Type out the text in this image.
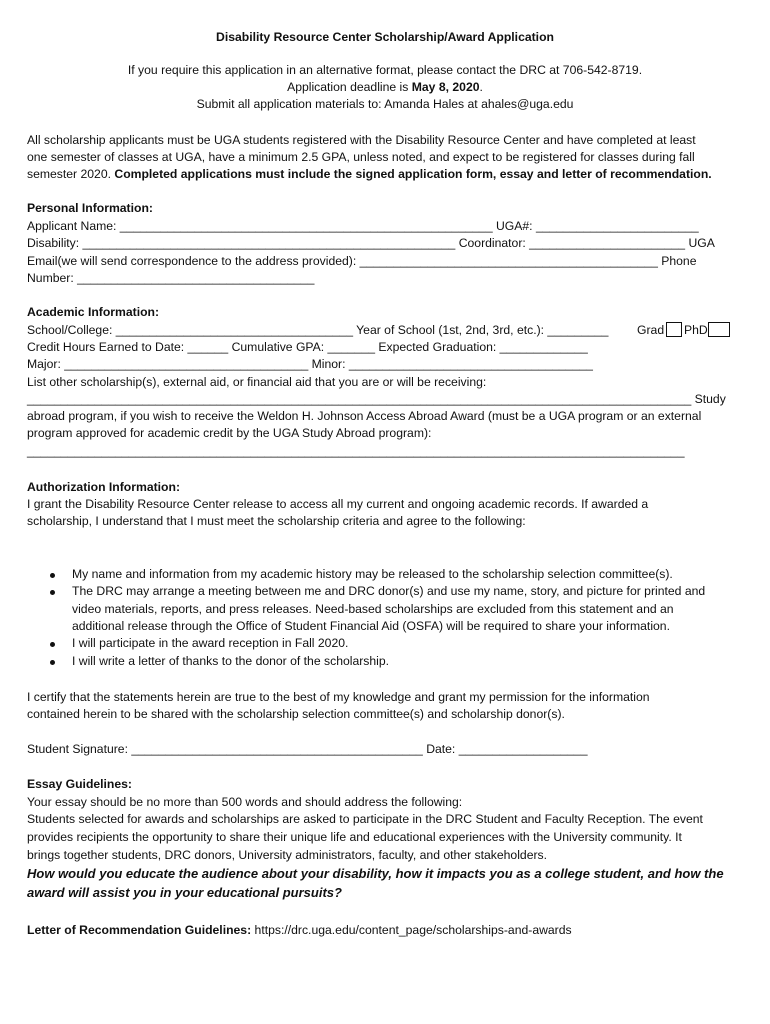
Disability Resource Center Scholarship/Award Application
If you require this application in an alternative format, please contact the DRC at 706-542-8719.
Application deadline is May 8, 2020.
Submit all application materials to: Amanda Hales at ahales@uga.edu
All scholarship applicants must be UGA students registered with the Disability Resource Center and have completed at least
one semester of classes at UGA, have a minimum 2.5 GPA, unless noted, and expect to be registered for classes during fall
semester 2020. Completed applications must include the signed application form, essay and letter of recommendation.
Personal Information:
Applicant Name: _______________________________________________________ UGA#: ________________________
Disability: _______________________________________________________ Coordinator: _______________________ UGA
Email(we will send correspondence to the address provided): ____________________________________________ Phone
Number: ___________________________________
Academic Information:
School/College: ___________________________________ Year of School (1st, 2nd, 3rd, etc.): _________ Grad PhD
Credit Hours Earned to Date: ______ Cumulative GPA: _______ Expected Graduation: _____________
Major: ____________________________________ Minor: ____________________________________
List other scholarship(s), external aid, or financial aid that you are or will be receiving:
__________________________________________________________________________________________________ Study
abroad program, if you wish to receive the Weldon H. Johnson Access Abroad Award (must be a UGA program or an external
program approved for academic credit by the UGA Study Abroad program):
_________________________________________________________________________________________________
Authorization Information:
I grant the Disability Resource Center release to access all my current and ongoing academic records. If awarded a
scholarship, I understand that I must meet the scholarship criteria and agree to the following:
My name and information from my academic history may be released to the scholarship selection committee(s).
The DRC may arrange a meeting between me and DRC donor(s) and use my name, story, and picture for printed and
video materials, reports, and press releases. Need-based scholarships are excluded from this statement and an
additional release through the Office of Student Financial Aid (OSFA) will be required to share your information.
I will participate in the award reception in Fall 2020.
I will write a letter of thanks to the donor of the scholarship.
I certify that the statements herein are true to the best of my knowledge and grant my permission for the information
contained herein to be shared with the scholarship selection committee(s) and scholarship donor(s).
Student Signature: ___________________________________________ Date: ___________________
Essay Guidelines:
Your essay should be no more than 500 words and should address the following:
Students selected for awards and scholarships are asked to participate in the DRC Student and Faculty Reception. The event
provides recipients the opportunity to share their unique life and educational experiences with the University community. It
brings together students, DRC donors, University administrators, faculty, and other stakeholders.
How would you educate the audience about your disability, how it impacts you as a college student, and how the
award will assist you in your educational pursuits?
Letter of Recommendation Guidelines: https://drc.uga.edu/content_page/scholarships-and-awards
